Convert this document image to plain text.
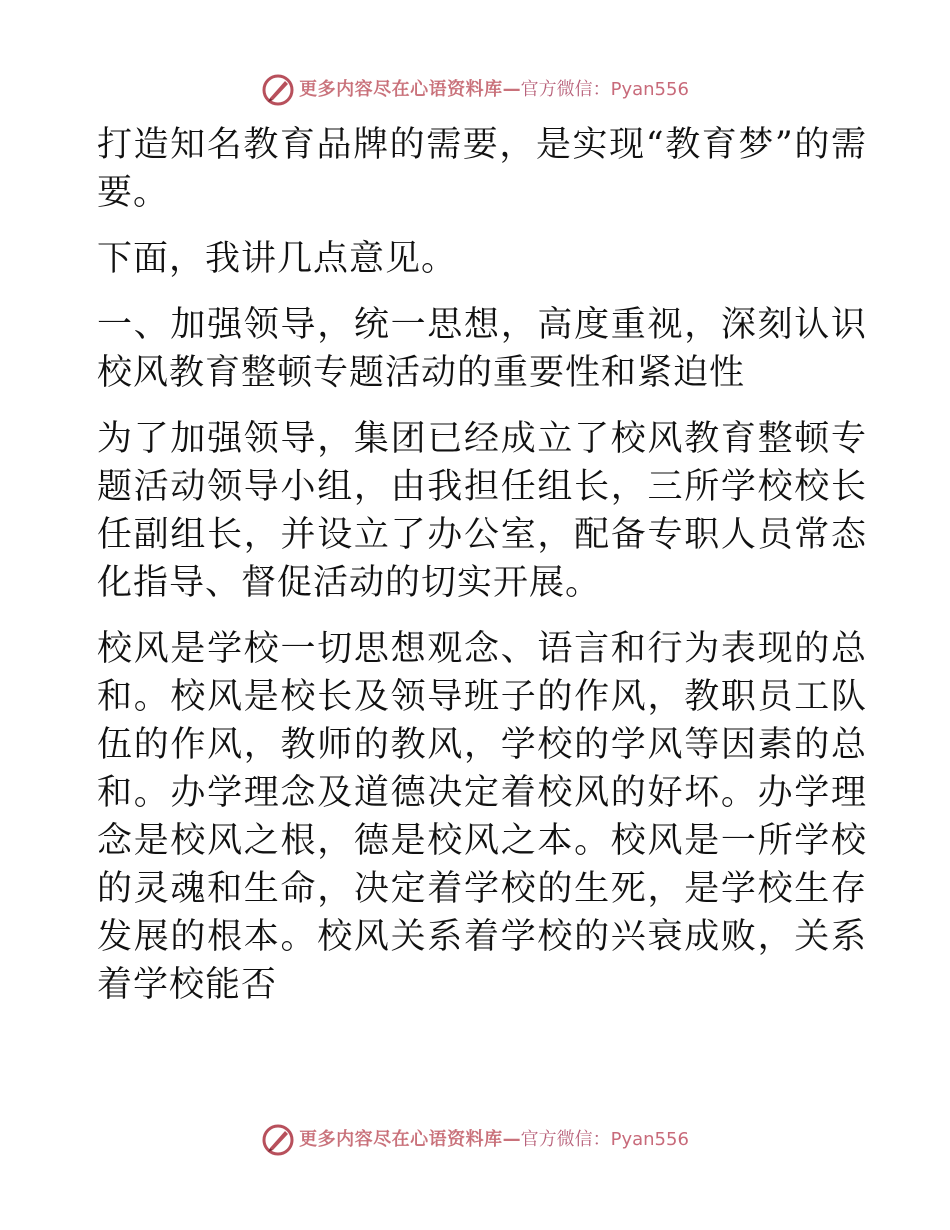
更多内容尽在心语资料库 — 官方微信： Pyan556

打造知名教育品牌的需要，是实现“教育梦”的需要。

下面，我讲几点意见。

一、加强领导，统一思想，高度重视，深刻认识校风教育整顿专题活动的重要性和紧迫性

为了加强领导，集团已经成立了校风教育整顿专题活动领导小组，由我担任组长，三所学校校长任副组长，并设立了办公室，配备专职人员常态化指导、督促活动的切实开展。

校风是学校一切思想观念、语言和行为表现的总和。校风是校长及领导班子的作风，教职员工队伍的作风，教师的教风，学校的学风等因素的总和。办学理念及道德决定着校风的好坏。办学理念是校风之根，德是校风之本。校风是一所学校的灵魂和生命，决定着学校的生死，是学校生存发展的根本。校风关系着学校的兴衰成败，关系着学校能否

更多内容尽在心语资料库 — 官方微信： Pyan556
